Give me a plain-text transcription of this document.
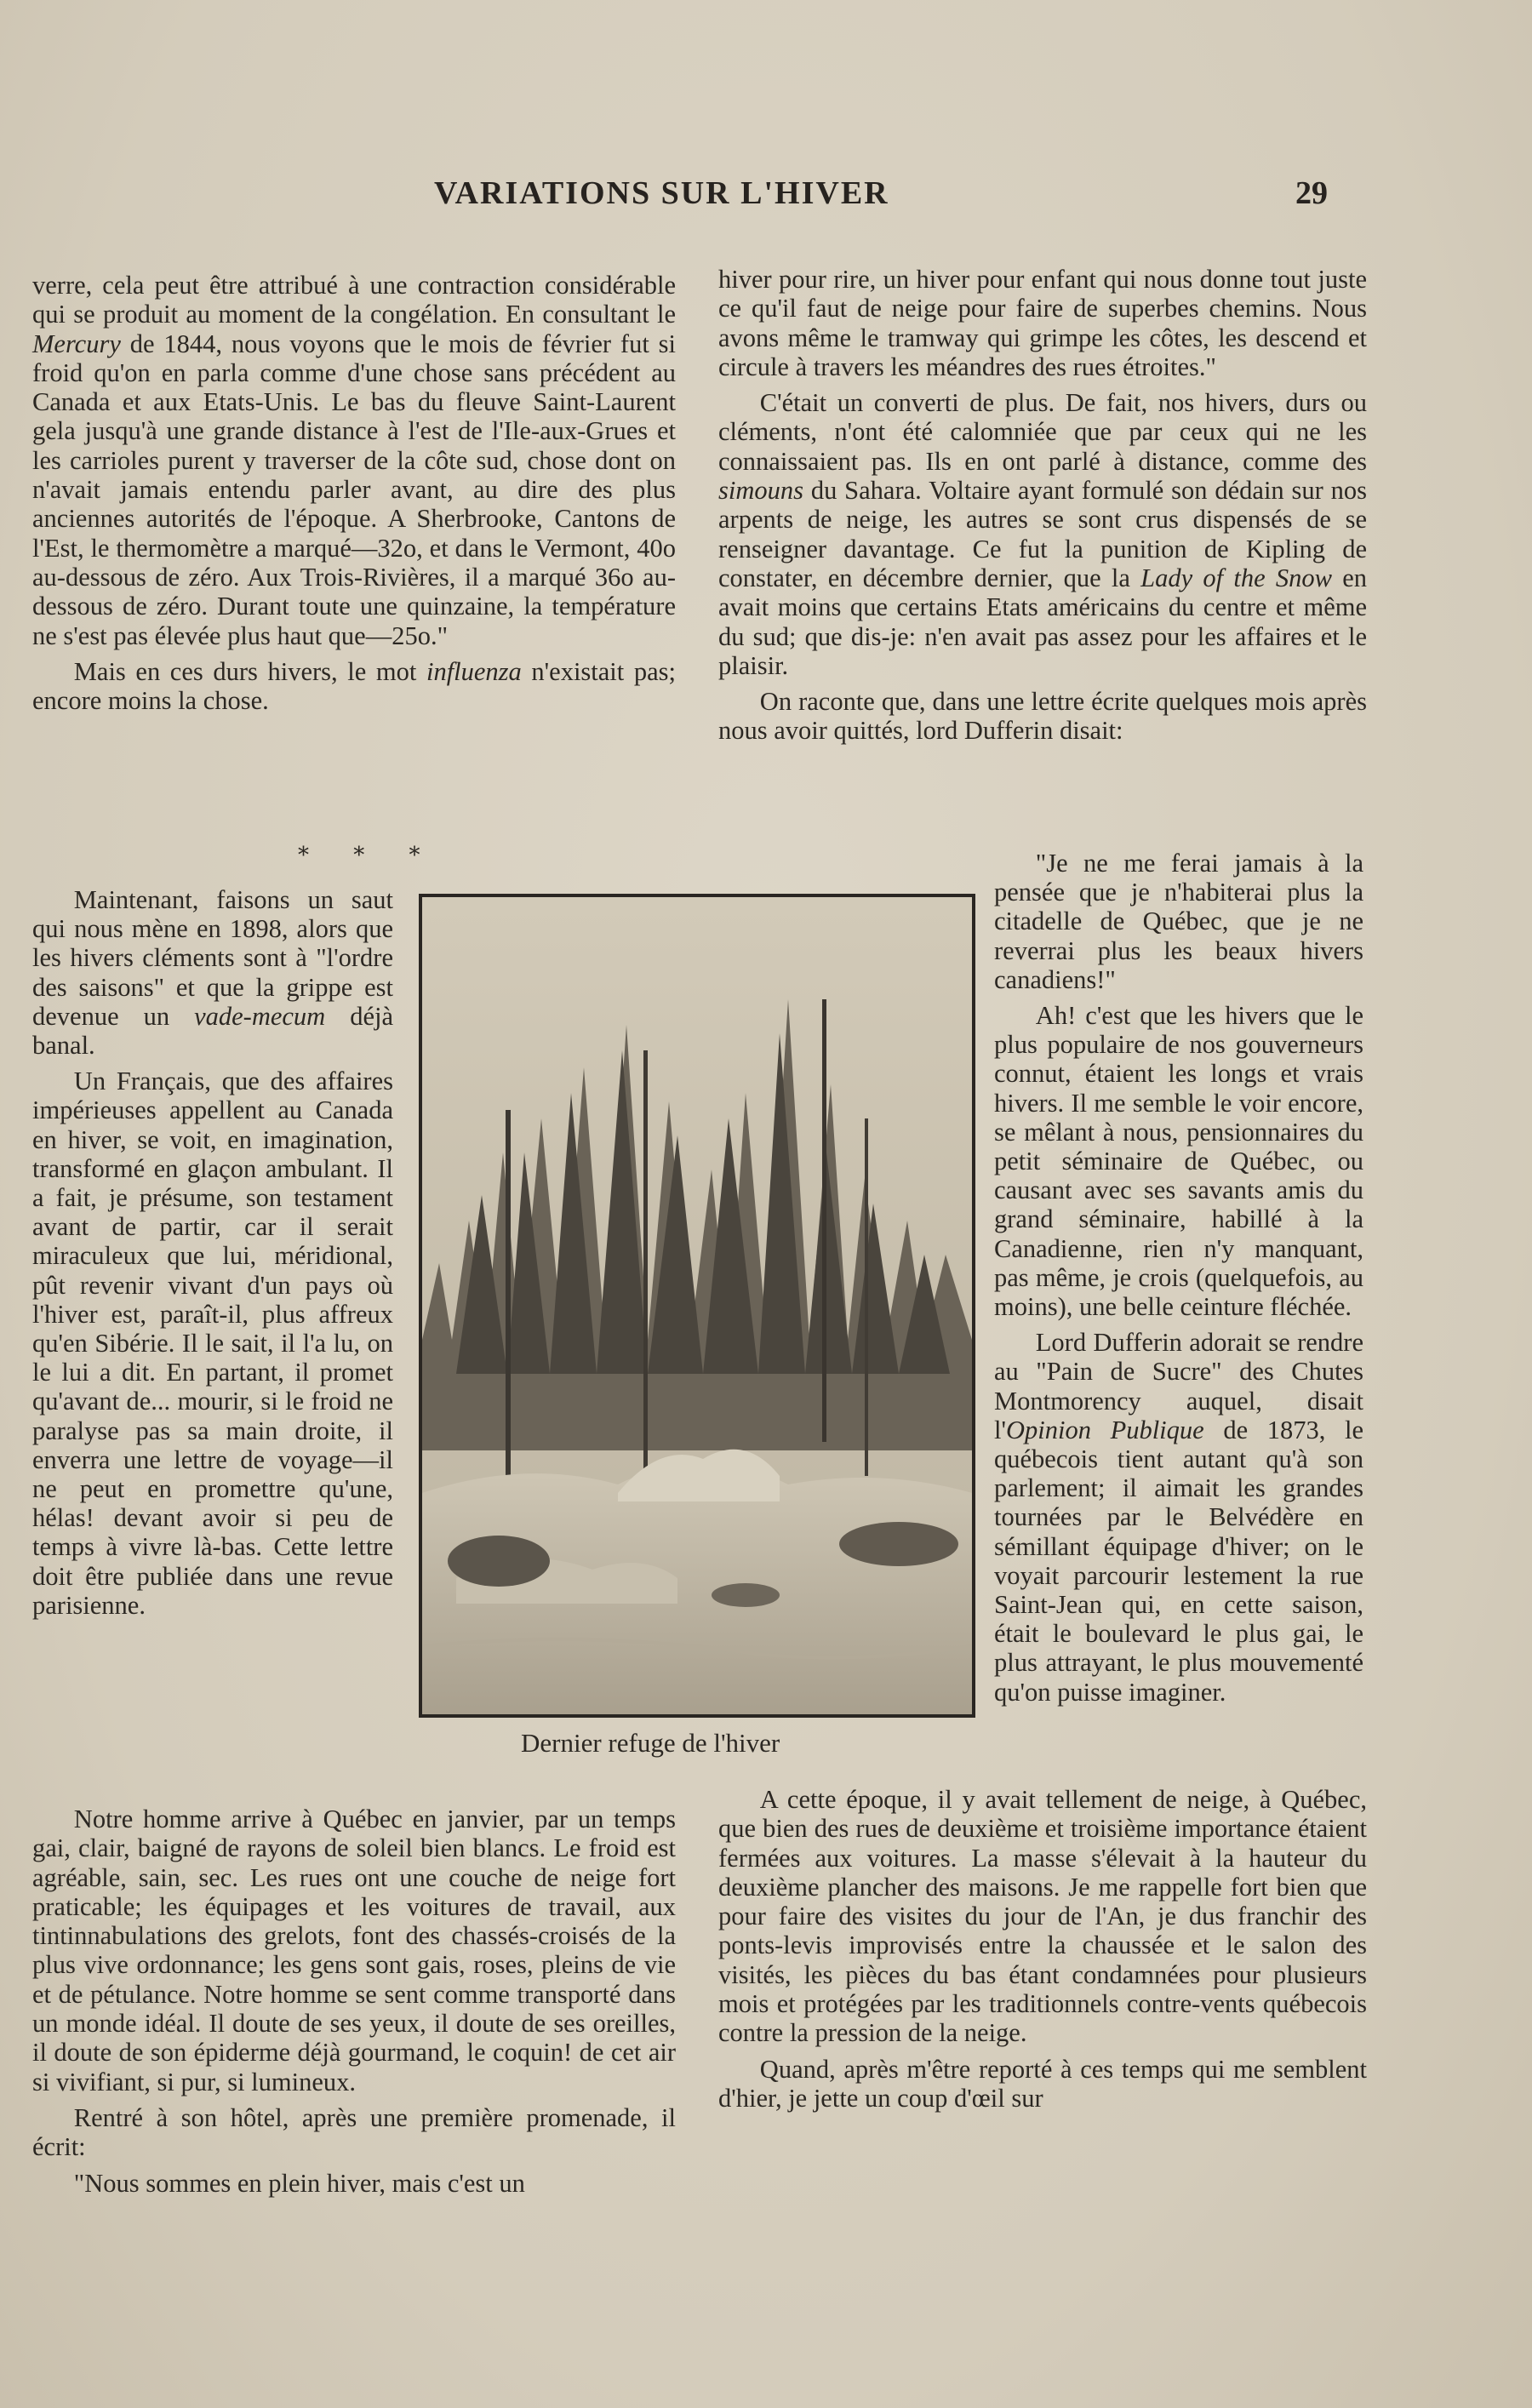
VARIATIONS SUR L'HIVER	29

verre, cela peut être attribué à une contraction considérable qui se produit au moment de la congélation. En consultant le Mercury de 1844, nous voyons que le mois de février fut si froid qu'on en parla comme d'une chose sans précédent au Canada et aux Etats-Unis. Le bas du fleuve Saint-Laurent gela jusqu'à une grande distance à l'est de l'Ile-aux-Grues et les carrioles purent y traverser de la côte sud, chose dont on n'avait jamais entendu parler avant, au dire des plus anciennes autorités de l'époque. A Sherbrooke, Cantons de l'Est, le thermomètre a marqué—32o, et dans le Vermont, 40o au-dessous de zéro. Aux Trois-Rivières, il a marqué 36o au-dessous de zéro. Durant toute une quinzaine, la température ne s'est pas élevée plus haut que—25o."

Mais en ces durs hivers, le mot influenza n'existait pas; encore moins la chose.

* * *

Maintenant, faisons un saut qui nous mène en 1898, alors que les hivers cléments sont à "l'ordre des saisons" et que la grippe est devenue un vade-mecum déjà banal.

Un Français, que des affaires impérieuses appellent au Canada en hiver, se voit, en imagination, transformé en glaçon ambulant. Il a fait, je présume, son testament avant de partir, car il serait miraculeux que lui, méridional, pût revenir vivant d'un pays où l'hiver est, paraît-il, plus affreux qu'en Sibérie. Il le sait, il l'a lu, on le lui a dit. En partant, il promet qu'avant de... mourir, si le froid ne paralyse pas sa main droite, il enverra une lettre de voyage—il ne peut en promettre qu'une, hélas! devant avoir si peu de temps à vivre là-bas. Cette lettre doit être publiée dans une revue parisienne.

Dernier refuge de l'hiver

Notre homme arrive à Québec en janvier, par un temps gai, clair, baigné de rayons de soleil bien blancs. Le froid est agréable, sain, sec. Les rues ont une couche de neige fort praticable; les équipages et les voitures de travail, aux tintinnabulations des grelots, font des chassés-croisés de la plus vive ordonnance; les gens sont gais, roses, pleins de vie et de pétulance. Notre homme se sent comme transporté dans un monde idéal. Il doute de ses yeux, il doute de ses oreilles, il doute de son épiderme déjà gourmand, le coquin! de cet air si vivifiant, si pur, si lumineux.

Rentré à son hôtel, après une première promenade, il écrit:

"Nous sommes en plein hiver, mais c'est un

hiver pour rire, un hiver pour enfant qui nous donne tout juste ce qu'il faut de neige pour faire de superbes chemins. Nous avons même le tramway qui grimpe les côtes, les descend et circule à travers les méandres des rues étroites."

C'était un converti de plus. De fait, nos hivers, durs ou cléments, n'ont été calomniée que par ceux qui ne les connaissaient pas. Ils en ont parlé à distance, comme des simouns du Sahara. Voltaire ayant formulé son dédain sur nos arpents de neige, les autres se sont crus dispensés de se renseigner davantage. Ce fut la punition de Kipling de constater, en décembre dernier, que la Lady of the Snow en avait moins que certains Etats américains du centre et même du sud; que dis-je: n'en avait pas assez pour les affaires et le plaisir.

On raconte que, dans une lettre écrite quelques mois après nous avoir quittés, lord Dufferin disait:

"Je ne me ferai jamais à la pensée que je n'habiterai plus la citadelle de Québec, que je ne reverrai plus les beaux hivers canadiens!"

Ah! c'est que les hivers que le plus populaire de nos gouverneurs connut, étaient les longs et vrais hivers. Il me semble le voir encore, se mêlant à nous, pensionnaires du petit séminaire de Québec, ou causant avec ses savants amis du grand séminaire, habillé à la Canadienne, rien n'y manquant, pas même, je crois (quelquefois, au moins), une belle ceinture fléchée.

Lord Dufferin adorait se rendre au "Pain de Sucre" des Chutes Montmorency auquel, disait l'Opinion Publique de 1873, le québecois tient autant qu'à son parlement; il aimait les grandes tournées par le Belvédère en sémillant équipage d'hiver; on le voyait parcourir lestement la rue Saint-Jean qui, en cette saison, était le boulevard le plus gai, le plus attrayant, le plus mouvementé qu'on puisse imaginer.

A cette époque, il y avait tellement de neige, à Québec, que bien des rues de deuxième et troisième importance étaient fermées aux voitures. La masse s'élevait à la hauteur du deuxième plancher des maisons. Je me rappelle fort bien que pour faire des visites du jour de l'An, je dus franchir des ponts-levis improvisés entre la chaussée et le salon des visités, les pièces du bas étant condamnées pour plusieurs mois et protégées par les traditionnels contre-vents québecois contre la pression de la neige.

Quand, après m'être reporté à ces temps qui me semblent d'hier, je jette un coup d'œil sur
